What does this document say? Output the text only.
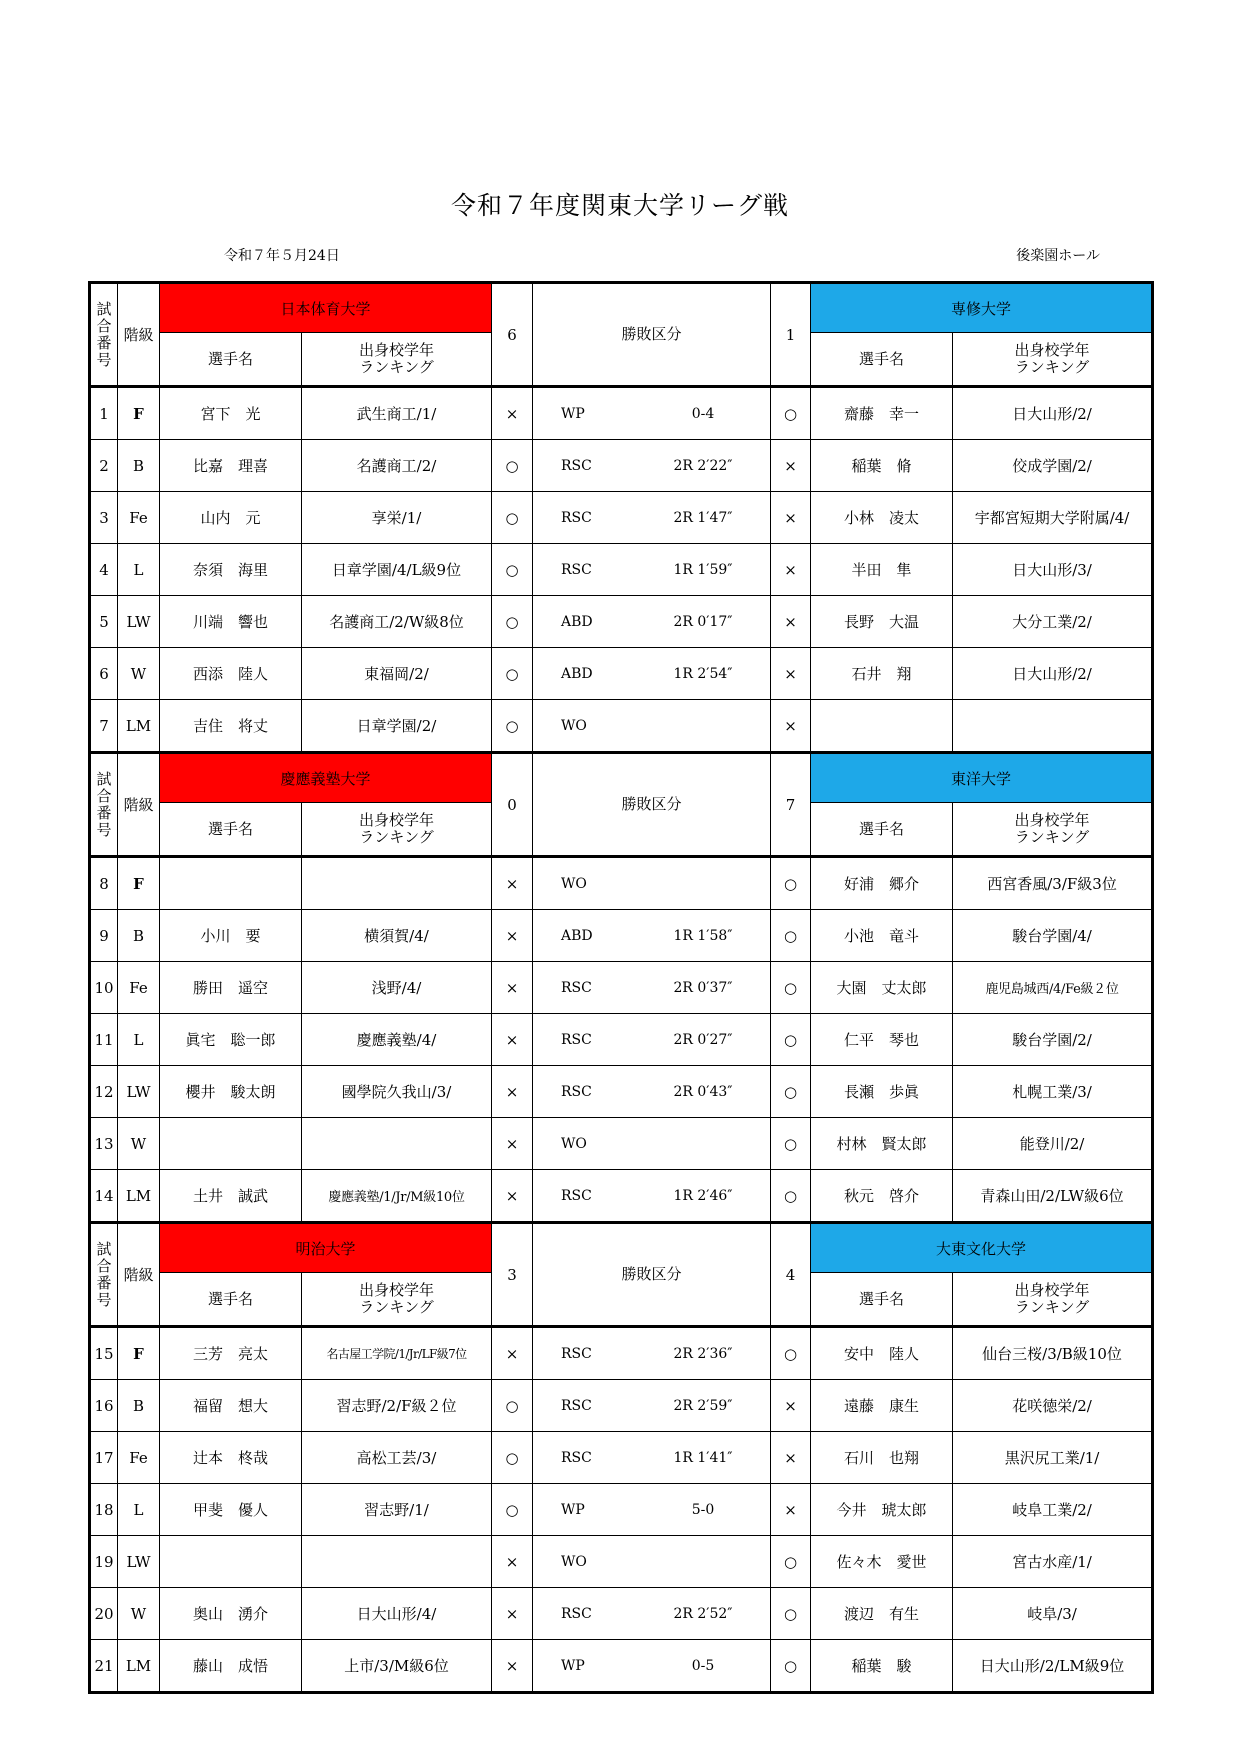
令和７年度関東大学リーグ戦
令和７年５月24日	後楽園ホール
試
合
番
号	階級	日本体育大学		6	勝敗区分	1	専修大学	
		選手名	出身校学年
ランキング				選手名	出身校学年
ランキング
1	F	宮下　光	武生商工/1/	×	WP 0-4	○	齋藤　幸一	日大山形/2/
2	B	比嘉　理喜	名護商工/2/	○	RSC 2R 2′22″	×	稲葉　脩	佼成学園/2/
3	Fe	山内　元	享栄/1/	○	RSC 2R 1′47″	×	小林　凌太	宇都宮短期大学附属/4/
4	L	奈須　海里	日章学園/4/L級9位	○	RSC 1R 1′59″	×	半田　隼	日大山形/3/
5	LW	川端　響也	名護商工/2/W級8位	○	ABD 2R 0′17″	×	長野　大温	大分工業/2/
6	W	西添　陸人	東福岡/2/	○	ABD 1R 2′54″	×	石井　翔	日大山形/2/
7	LM	吉住　将丈	日章学園/2/	○	WO	×		
試
合
番
号	階級	慶應義塾大学		0	勝敗区分	7	東洋大学	
		選手名	出身校学年
ランキング				選手名	出身校学年
ランキング
8	F			×	WO	○	好浦　郷介	西宮香風/3/F級3位
9	B	小川　要	横須賀/4/	×	ABD 1R 1′58″	○	小池　竜斗	駿台学園/4/
10	Fe	勝田　遥空	浅野/4/	×	RSC 2R 0′37″	○	大園　丈太郎	鹿児島城西/4/Fe級２位
11	L	眞宅　聡一郎	慶應義塾/4/	×	RSC 2R 0′27″	○	仁平　琴也	駿台学園/2/
12	LW	櫻井　駿太朗	國學院久我山/3/	×	RSC 2R 0′43″	○	長瀬　歩眞	札幌工業/3/
13	W			×	WO	○	村林　賢太郎	能登川/2/
14	LM	土井　誠武	慶應義塾/1/Jr/M級10位	×	RSC 1R 2′46″	○	秋元　啓介	青森山田/2/LW級6位
試
合
番
号	階級	明治大学		3	勝敗区分	4	大東文化大学	
		選手名	出身校学年
ランキング				選手名	出身校学年
ランキング
15	F	三芳　亮太	名古屋工学院/1/Jr/LF級7位	×	RSC 2R 2′36″	○	安中　陸人	仙台三桜/3/B級10位
16	B	福留　想大	習志野/2/F級２位	○	RSC 2R 2′59″	×	遠藤　康生	花咲徳栄/2/
17	Fe	辻本　柊哉	高松工芸/3/	○	RSC 1R 1′41″	×	石川　也翔	黒沢尻工業/1/
18	L	甲斐　優人	習志野/1/	○	WP 5-0	×	今井　琥太郎	岐阜工業/2/
19	LW			×	WO	○	佐々木　愛世	宮古水産/1/
20	W	奥山　湧介	日大山形/4/	×	RSC 2R 2′52″	○	渡辺　有生	岐阜/3/
21	LM	藤山　成悟	上市/3/M級6位	×	WP 0-5	○	稲葉　駿	日大山形/2/LM級9位
